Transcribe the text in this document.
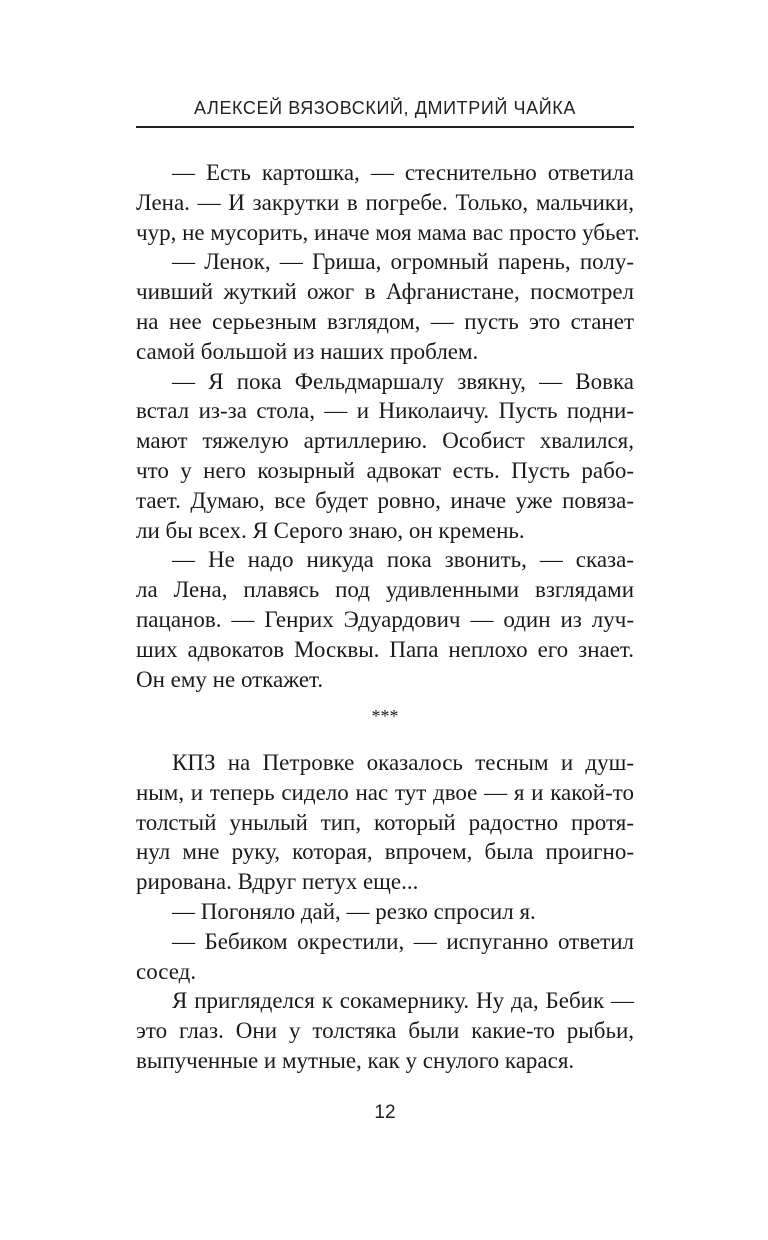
АЛЕКСЕЙ ВЯЗОВСКИЙ, ДМИТРИЙ ЧАЙКА

— Есть картошка, — стеснительно ответила
Лена. — И закрутки в погребе. Только, мальчики,
чур, не мусорить, иначе моя мама вас просто убьет.

— Ленок, — Гриша, огромный парень, полу-
чивший жуткий ожог в Афганистане, посмотрел
на нее серьезным взглядом, — пусть это станет
самой большой из наших проблем.

— Я пока Фельдмаршалу звякну, — Вовка
встал из-за стола, — и Николаичу. Пусть подни-
мают тяжелую артиллерию. Особист хвалился,
что у него козырный адвокат есть. Пусть рабо-
тает. Думаю, все будет ровно, иначе уже повяза-
ли бы всех. Я Серого знаю, он кремень.

— Не надо никуда пока звонить, — сказа-
ла Лена, плавясь под удивленными взглядами
пацанов. — Генрих Эдуардович — один из луч-
ших адвокатов Москвы. Папа неплохо его знает.
Он ему не откажет.

***

КПЗ на Петровке оказалось тесным и душ-
ным, и теперь сидело нас тут двое — я и какой-то
толстый унылый тип, который радостно протя-
нул мне руку, которая, впрочем, была проигно-
рирована. Вдруг петух еще...

— Погоняло дай, — резко спросил я.

— Бебиком окрестили, — испуганно ответил
сосед.

Я пригляделся к сокамернику. Ну да, Бебик —
это глаз. Они у толстяка были какие-то рыбьи,
выпученные и мутные, как у снулого карася.

12
